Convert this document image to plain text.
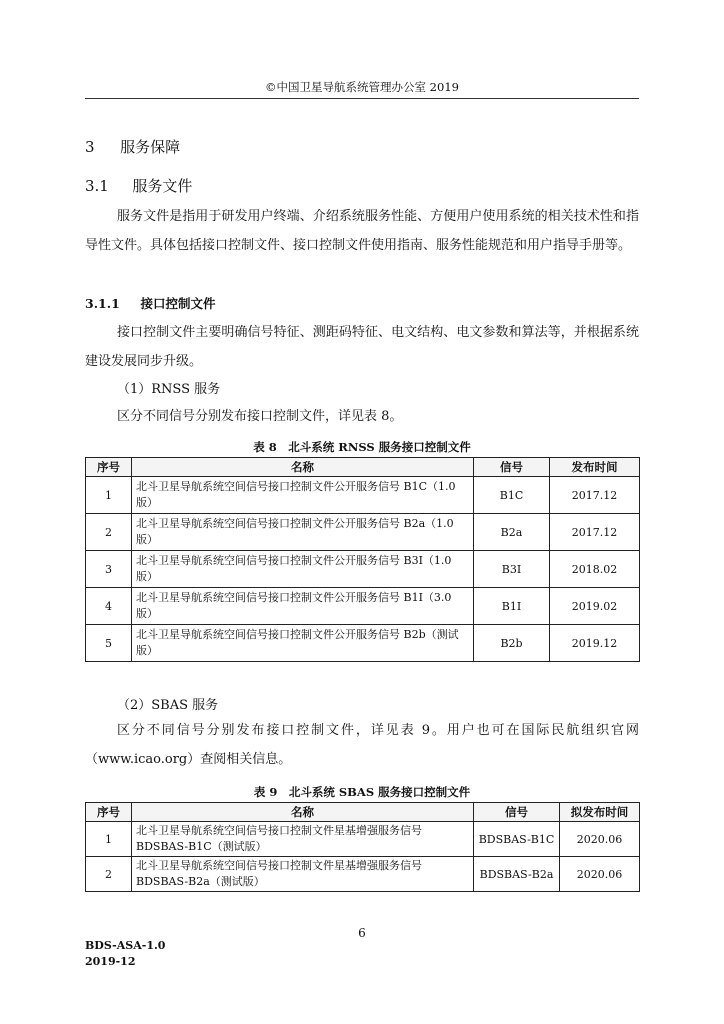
©中国卫星导航系统管理办公室 2019
3 服务保障
3.1 服务文件
服务文件是指用于研发用户终端、介绍系统服务性能、方便用户使用系统的相关技术性和指导性文件。具体包括接口控制文件、接口控制文件使用指南、服务性能规范和用户指导手册等。
3.1.1 接口控制文件
接口控制文件主要明确信号特征、测距码特征、电文结构、电文参数和算法等，并根据系统建设发展同步升级。
（1）RNSS 服务
区分不同信号分别发布接口控制文件，详见表 8。
表 8　北斗系统 RNSS 服务接口控制文件
序号	名称	信号	发布时间
1	北斗卫星导航系统空间信号接口控制文件公开服务信号 B1C（1.0 版）	B1C	2017.12
2	北斗卫星导航系统空间信号接口控制文件公开服务信号 B2a（1.0 版）	B2a	2017.12
3	北斗卫星导航系统空间信号接口控制文件公开服务信号 B3I（1.0 版）	B3I	2018.02
4	北斗卫星导航系统空间信号接口控制文件公开服务信号 B1I（3.0 版）	B1I	2019.02
5	北斗卫星导航系统空间信号接口控制文件公开服务信号 B2b（测试版）	B2b	2019.12
（2）SBAS 服务
区分不同信号分别发布接口控制文件，详见表 9。用户也可在国际民航组织官网（www.icao.org）查阅相关信息。
表 9　北斗系统 SBAS 服务接口控制文件
序号	名称	信号	拟发布时间
1	北斗卫星导航系统空间信号接口控制文件星基增强服务信号 BDSBAS-B1C（测试版）	BDSBAS-B1C	2020.06
2	北斗卫星导航系统空间信号接口控制文件星基增强服务信号 BDSBAS-B2a（测试版）	BDSBAS-B2a	2020.06
6
BDS-ASA-1.0
2019-12
